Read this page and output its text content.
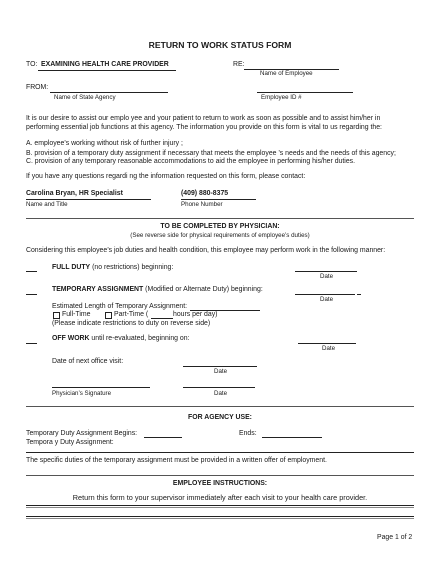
RETURN TO WORK STATUS FORM
TO: EXAMINING HEALTH CARE PROVIDER	RE:
Name of Employee
FROM:
Name of State Agency	Employee ID #
It is our desire to assist our emplo yee and your patient to return to work as soon as possible and to assist him/her in
performing essential job functions at this agency. The information you provide on this form is vital to us regarding the:
A. employee’s working without risk of further injury ;
B. provision of a temporary duty assignment if necessary that meets the employee ’s needs and the needs of this agency;
C. provision of any temporary reasonable accommodations to aid the employee in performing his/her duties.
If you have any questions regardi ng the information requested on this form, please contact:
Carolina Bryan, HR Specialist
Name and Title
(409) 880-8375
Phone Number
TO BE COMPLETED BY PHYSICIAN:
(See reverse side for physical requirements of employee’s duties)
Considering this employee’s job duties and health condition, this employee may perform work in the following manner:
FULL DUTY (no restrictions) beginning:
Date
TEMPORARY ASSIGNMENT (Modified or Alternate Duty) beginning:
Date
Estimated Length of Temporary Assignment:
Full-Time	Part-Time (	hours per day)
(Please indicate restrictions to duty on reverse side)
OFF WORK until re-evaluated, beginning on:
Date
Date of next office visit:
Date
Physician’s Signature	Date
FOR AGENCY USE:
Temporary Duty Assignment Begins:	Ends:
Tempora y Duty Assignment:
The specific duties of the temporary assignment must be provided in a written offer of employment.
EMPLOYEE INSTRUCTIONS:
Return this form to your supervisor immediately after each visit to your health care provider.
Page 1 of 2
